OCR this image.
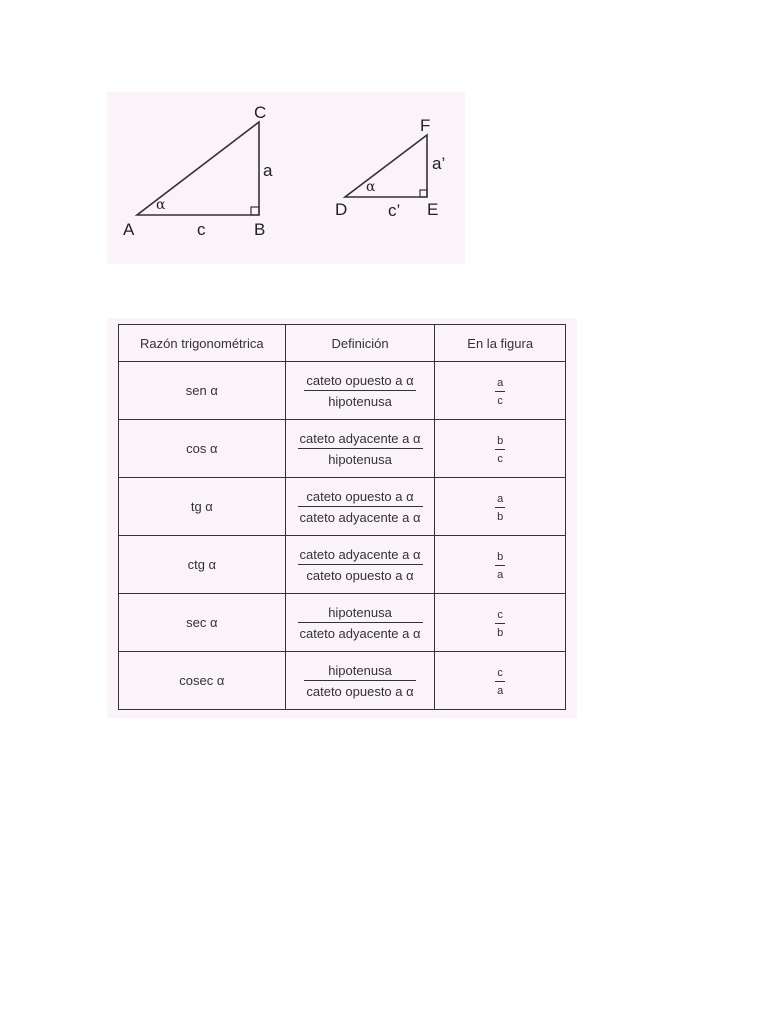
A	B
C
a
c
α	D	E
F
a’
c’
α
Razón trigonométrica	Definición	En la figura
sen α	$\frac{\text{cateto opuesto a α}}{\text{hipotenusa}}$	$\frac{a}{c}$

cos α	$\frac{\text{cateto adyacente a α}}{\text{hipotenusa}}$	$\frac{b}{c}$

tg α	$\frac{\text{cateto opuesto a α}}{\text{cateto adyacente a α}}$	$\frac{a}{b}$

ctg α	$\frac{\text{cateto adyacente a α}}{\text{cateto opuesto a α}}$	$\frac{b}{a}$

sec α	$\frac{\text{hipotenusa}}{\text{cateto adyacente a α}}$	$\frac{c}{b}$

cosec α	$\frac{\text{hipotenusa}}{\text{cateto opuesto a α}}$	$\frac{c}{a}$
